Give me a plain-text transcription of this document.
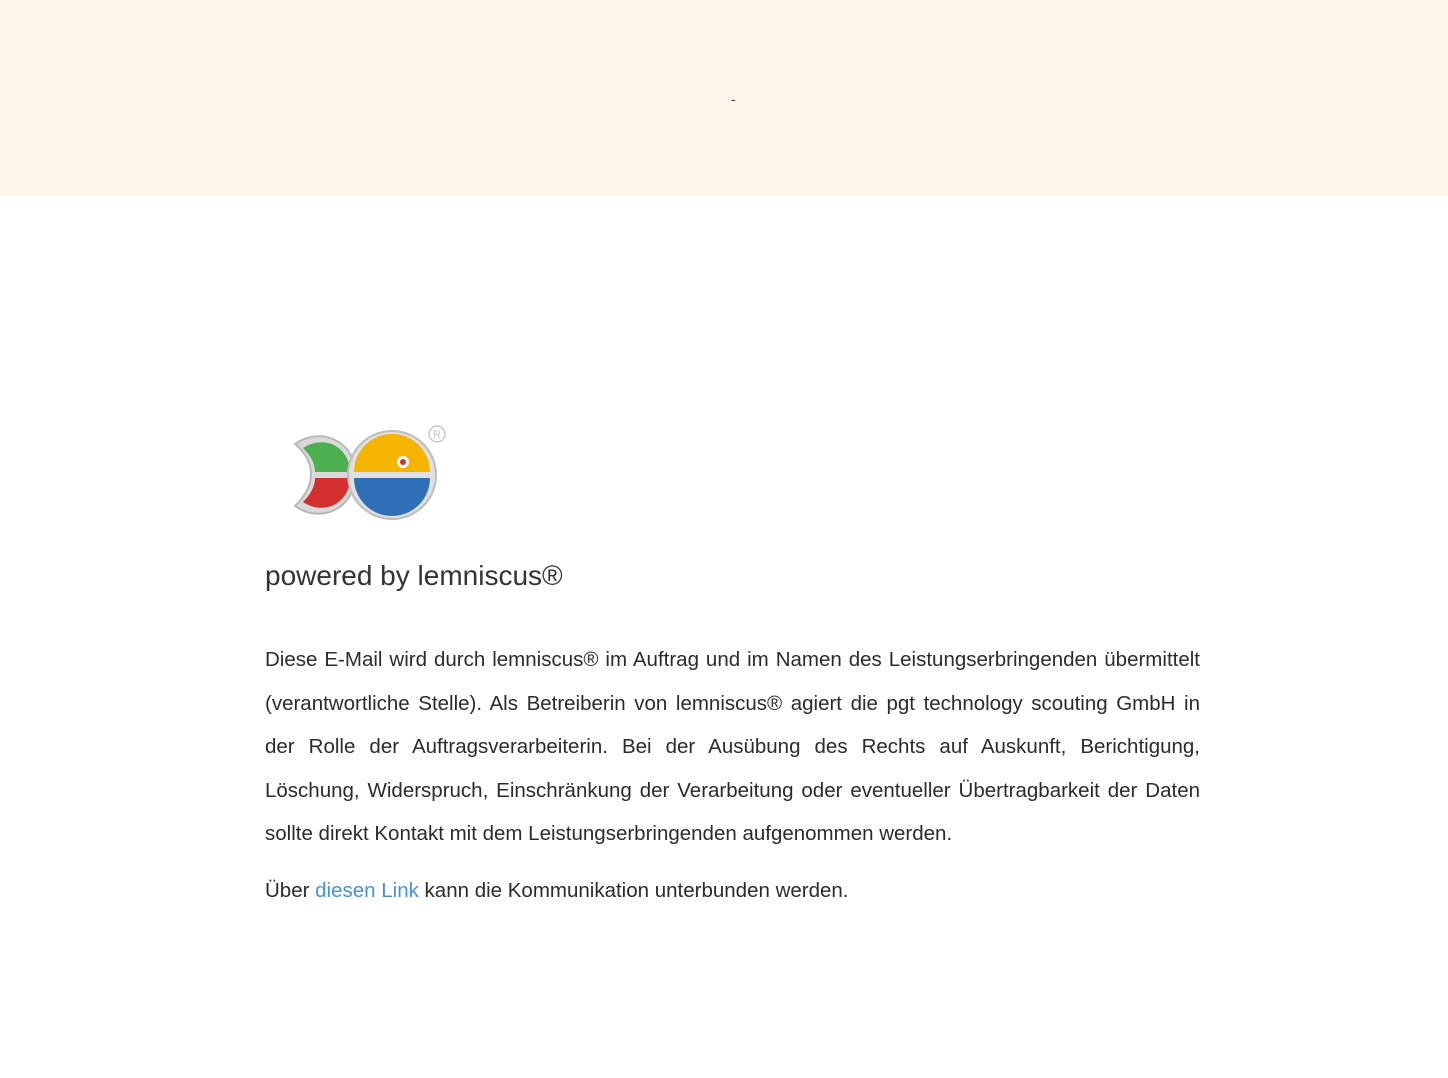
-
R
powered by lemniscus®

Diese E-Mail wird durch lemniscus® im Auftrag und im Namen des Leistungserbringenden übermittelt (verantwortliche Stelle). Als Betreiberin von lemniscus® agiert die pgt technology scouting GmbH in der Rolle der Auftragsverarbeiterin. Bei der Ausübung des Rechts auf Auskunft, Berichtigung, Löschung, Widerspruch, Einschränkung der Verarbeitung oder eventueller Übertragbarkeit der Daten sollte direkt Kontakt mit dem Leistungserbringenden aufgenommen werden.

Über diesen Link kann die Kommunikation unterbunden werden.
